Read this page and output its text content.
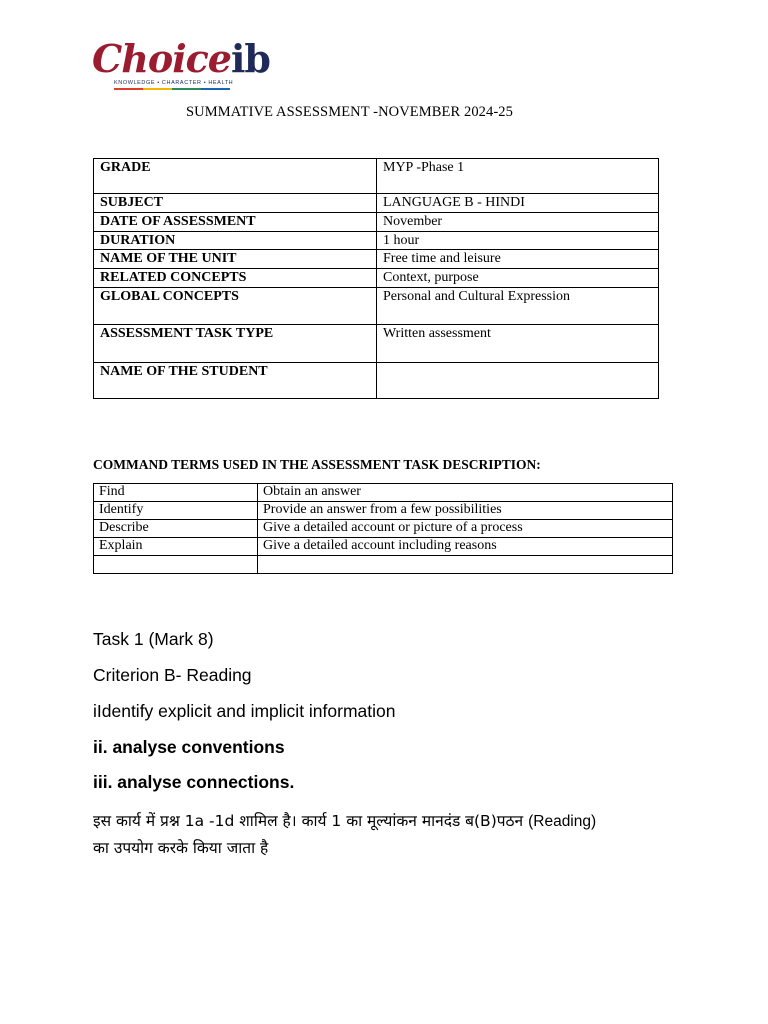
Choiceib
KNOWLEDGE • CHARACTER • HEALTH
SUMMATIVE ASSESSMENT -NOVEMBER 2024-25
GRADE	MYP -Phase 1
SUBJECT	LANGUAGE B - HINDI
DATE OF ASSESSMENT	November
DURATION	1 hour
NAME OF THE UNIT	Free time and leisure
RELATED CONCEPTS	Context, purpose
GLOBAL CONCEPTS	Personal and Cultural Expression
ASSESSMENT TASK TYPE	Written assessment
NAME OF THE STUDENT	
COMMAND TERMS USED IN THE ASSESSMENT TASK DESCRIPTION:
Find	Obtain an answer
Identify	Provide an answer from a few possibilities
Describe	Give a detailed account or picture of a process
Explain	Give a detailed account including reasons

Task 1 (Mark 8)
Criterion B- Reading
iIdentify explicit and implicit information
ii. analyse conventions
iii. analyse connections.
इस कार्य में प्रश्न 1a -1d शामिल है। कार्य 1 का मूल्यांकन मानदंड ब(B)पठन (Reading)
का उपयोग करके किया जाता है
